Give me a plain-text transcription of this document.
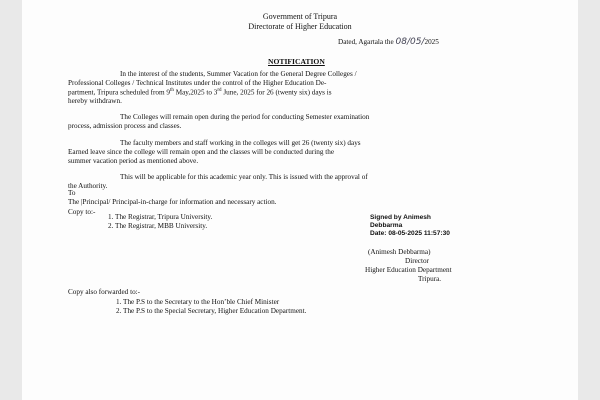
Government of Tripura
Directorate of Higher Education
Dated, Agartala the 08/05/2025
NOTIFICATION
In the interest of the students, Summer Vacation for the General Degree Colleges /
Professional Colleges / Technical Institutes under the control of the Higher Education De-
partment, Tripura scheduled from 9th May,2025 to 3rd June, 2025 for 26 (twenty six) days is
hereby withdrawn.
The Colleges will remain open during the period for conducting Semester examination
process, admission process and classes.
The faculty members and staff working in the colleges will get 26 (twenty six) days
Earned leave since the college will remain open and the classes will be conducted during the
summer vacation period as mentioned above.
This will be applicable for this academic year only. This is issued with the approval of
the Authority.
To
The |Principal/ Principal-in-charge for information and necessary action.
Copy to:-
1. The Registrar, Tripura University.
2. The Registrar, MBB University.
Signed by Animesh
Debbarma
Date: 08-05-2025 11:57:30
(Animesh Debbarma)
Director
Higher Education Department
Tripura.
Copy also forwarded to:-
1. The P.S to the Secretary to the Hon’ble Chief Minister
2. The P.S to the Special Secretary, Higher Education Department.
